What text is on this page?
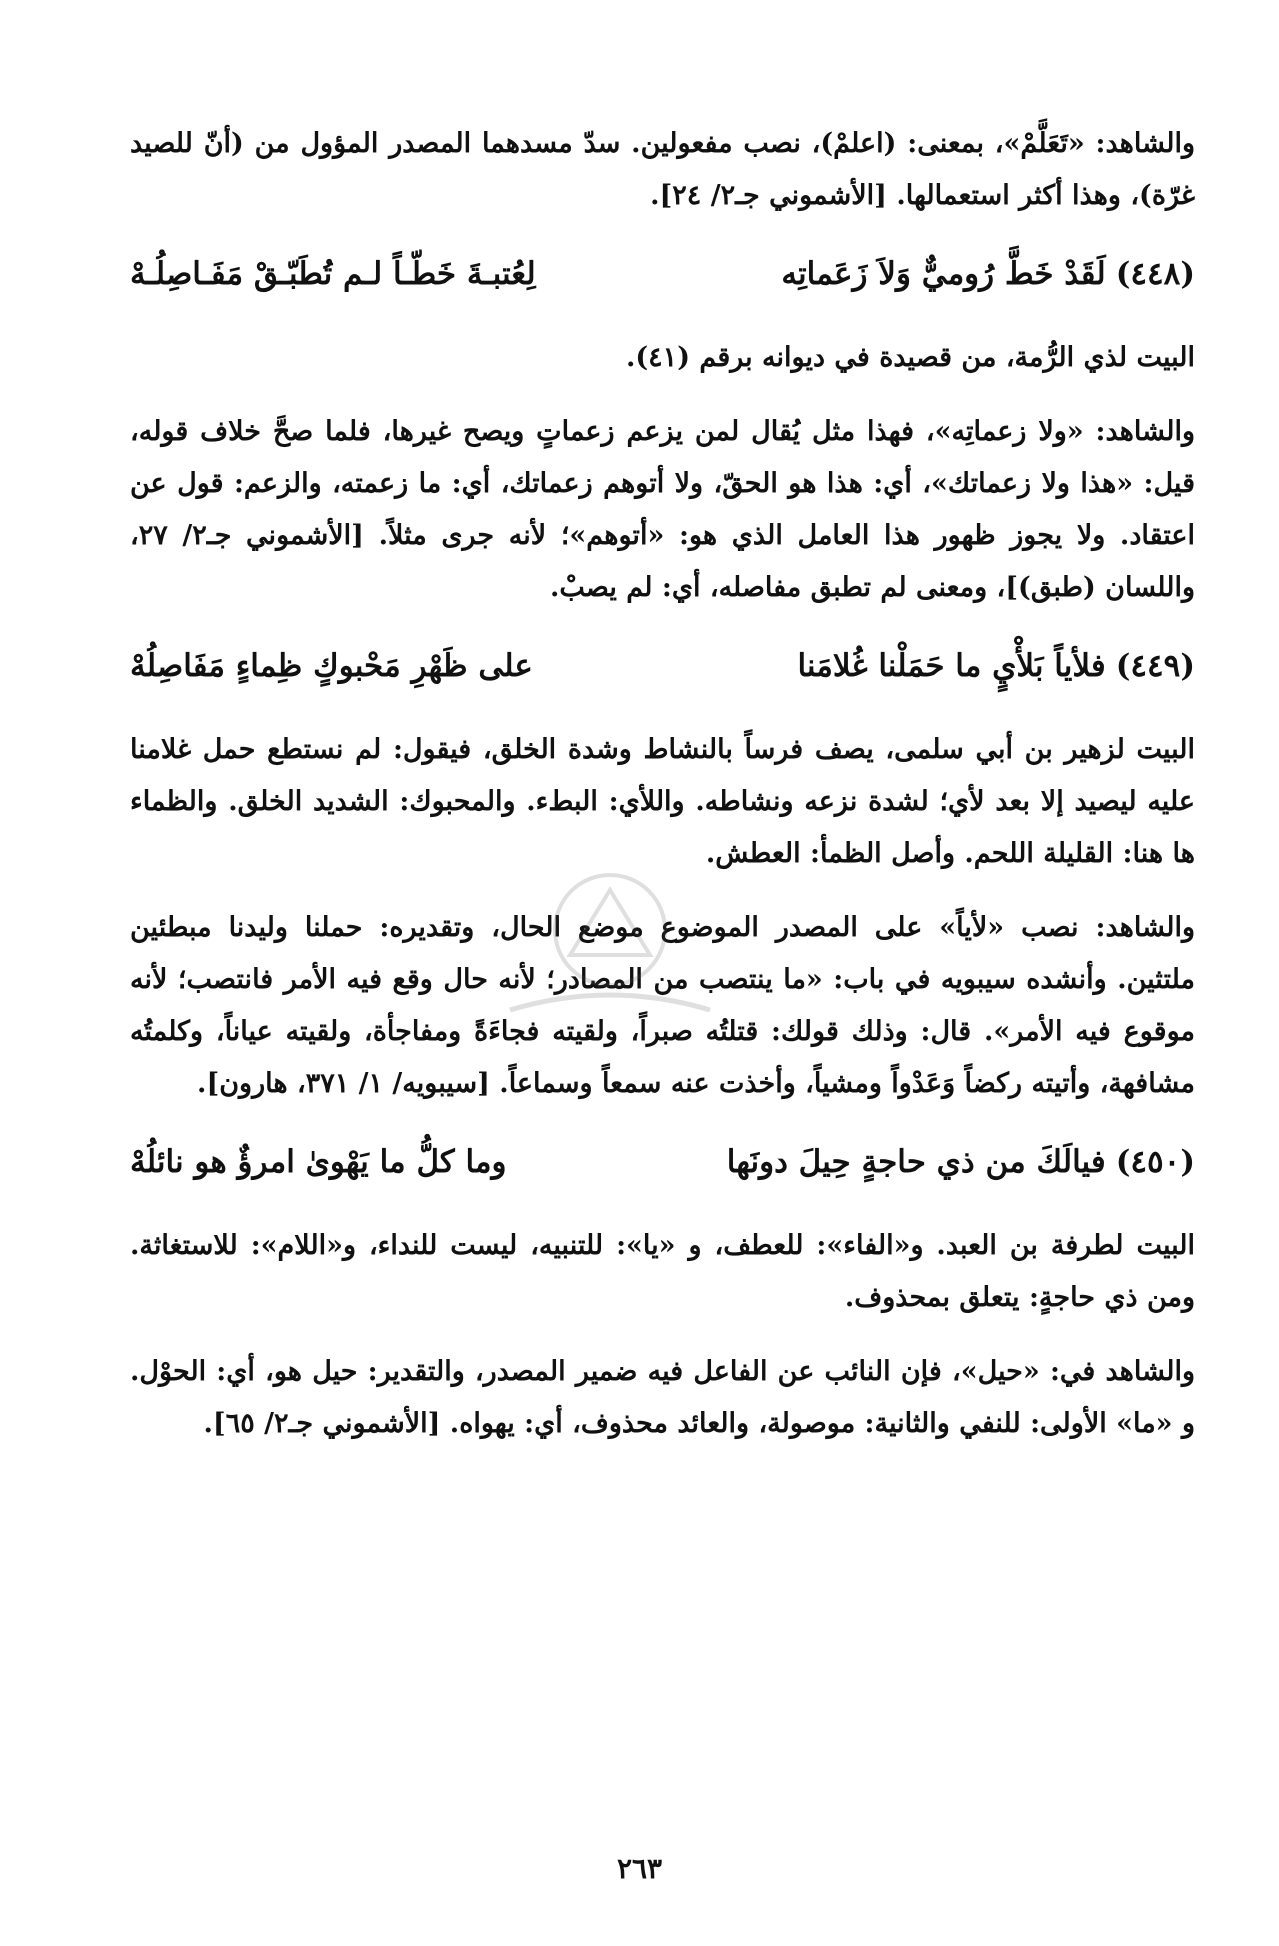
والشاهد: «تَعَلَّمْ»، بمعنى: (اعلمْ)، نصب مفعولين. سدّ مسدهما المصدر المؤول من (أنّ للصيد غرّة)، وهذا أكثر استعمالها. [الأشموني جـ٢/ ٢٤].

(٤٤٨)
لَقَدْ خَطَّ رُوميٌّ وَلاَ زَعَماتِه
لِعُتبـةَ خَطّـاً لـم تُطَبّـقْ مَفَـاصِلُـهْ

البيت لذي الرُّمة، من قصيدة في ديوانه برقم (٤١).

والشاهد: «ولا زعماتِه»، فهذا مثل يُقال لمن يزعم زعماتٍ ويصح غيرها، فلما صحَّ خلاف قوله، قيل: «هذا ولا زعماتك»، أي: هذا هو الحقّ، ولا أتوهم زعماتك، أي: ما زعمته، والزعم: قول عن اعتقاد. ولا يجوز ظهور هذا العامل الذي هو: «أتوهم»؛ لأنه جرى مثلاً. [الأشموني جـ٢/ ٢٧، واللسان (طبق)]، ومعنى لم تطبق مفاصله، أي: لم يصبْ.

(٤٤٩)
فلأياً بَلأْيٍ ما حَمَلْنا غُلامَنا
على ظَهْرِ مَحْبوكٍ ظِماءٍ مَفَاصِلُهْ

البيت لزهير بن أبي سلمى، يصف فرساً بالنشاط وشدة الخلق، فيقول: لم نستطع حمل غلامنا عليه ليصيد إلا بعد لأي؛ لشدة نزعه ونشاطه. واللأي: البطء. والمحبوك: الشديد الخلق. والظماء ها هنا: القليلة اللحم. وأصل الظمأ: العطش.

والشاهد: نصب «لأياً» على المصدر الموضوع موضع الحال، وتقديره: حملنا وليدنا مبطئين ملتثين. وأنشده سيبويه في باب: «ما ينتصب من المصادر؛ لأنه حال وقع فيه الأمر فانتصب؛ لأنه موقوع فيه الأمر». قال: وذلك قولك: قتلتُه صبراً، ولقيته فجاءَةً ومفاجأة، ولقيته عياناً، وكلمتُه مشافهة، وأتيته ركضاً وَعَدْواً ومشياً، وأخذت عنه سمعاً وسماعاً. [سيبويه/ ١/ ٣٧١، هارون].

(٤٥٠)
فيالَكَ من ذي حاجةٍ حِيلَ دونَها
وما كلُّ ما يَهْوىٰ امرؤٌ هو نائلُهْ

البيت لطرفة بن العبد. و«الفاء»: للعطف، و «يا»: للتنبيه، ليست للنداء، و«اللام»: للاستغاثة. ومن ذي حاجةٍ: يتعلق بمحذوف.

والشاهد في: «حيل»، فإن النائب عن الفاعل فيه ضمير المصدر، والتقدير: حيل هو، أي: الحوْل. و «ما» الأولى: للنفي والثانية: موصولة، والعائد محذوف، أي: يهواه. [الأشموني جـ٢/ ٦٥].

٢٦٣
